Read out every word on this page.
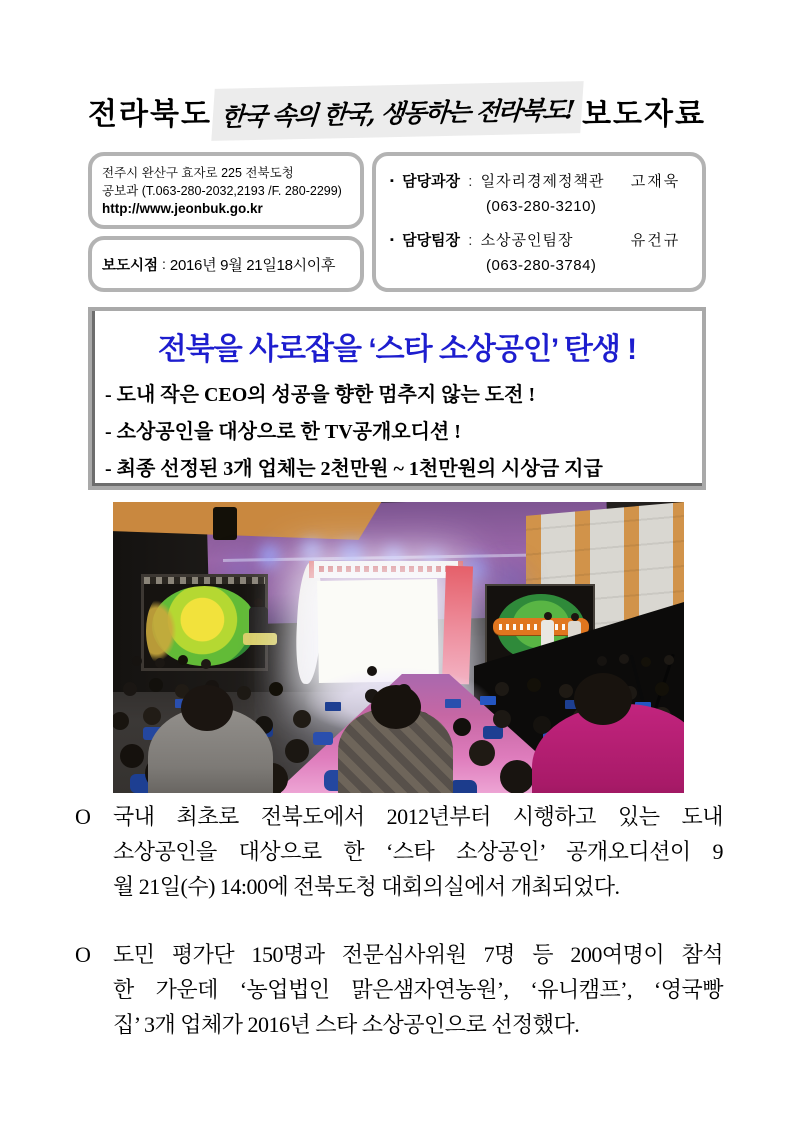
전라북도 한국 속의 한국, 생동하는 전라북도! 보도자료
전주시 완산구 효자로 225 전북도청
공보과 (T.063-280-2032,2193 /F. 280-2299)
http://www.jeonbuk.go.kr
보도시점 : 2016년 9월 21일18시이후
▪ 담당과장 : 일자리경제정책관 고재욱
(063-280-3210)
▪ 담당팀장 : 소상공인팀장	유건규
(063-280-3784)
전북을 사로잡을 ‘스타 소상공인’ 탄생 !
- 도내 작은 CEO의 성공을 향한 멈추지 않는 도전 !
- 소상공인을 대상으로 한 TV공개오디션 !
- 최종 선정된 3개 업체는 2천만원 ~ 1천만원의 시상금 지급
O 국내 최초로 전북도에서 2012년부터 시행하고 있는 도내
소상공인을 대상으로 한 ‘스타 소상공인’ 공개오디션이 9
월 21일(수) 14:00에 전북도청 대회의실에서 개최되었다.
O 도민 평가단 150명과 전문심사위원 7명 등 200여명이 참석
한 가운데 ‘농업법인 맑은샘자연농원’, ‘유니캠프’, ‘영국빵
집’ 3개 업체가 2016년 스타 소상공인으로 선정했다.
